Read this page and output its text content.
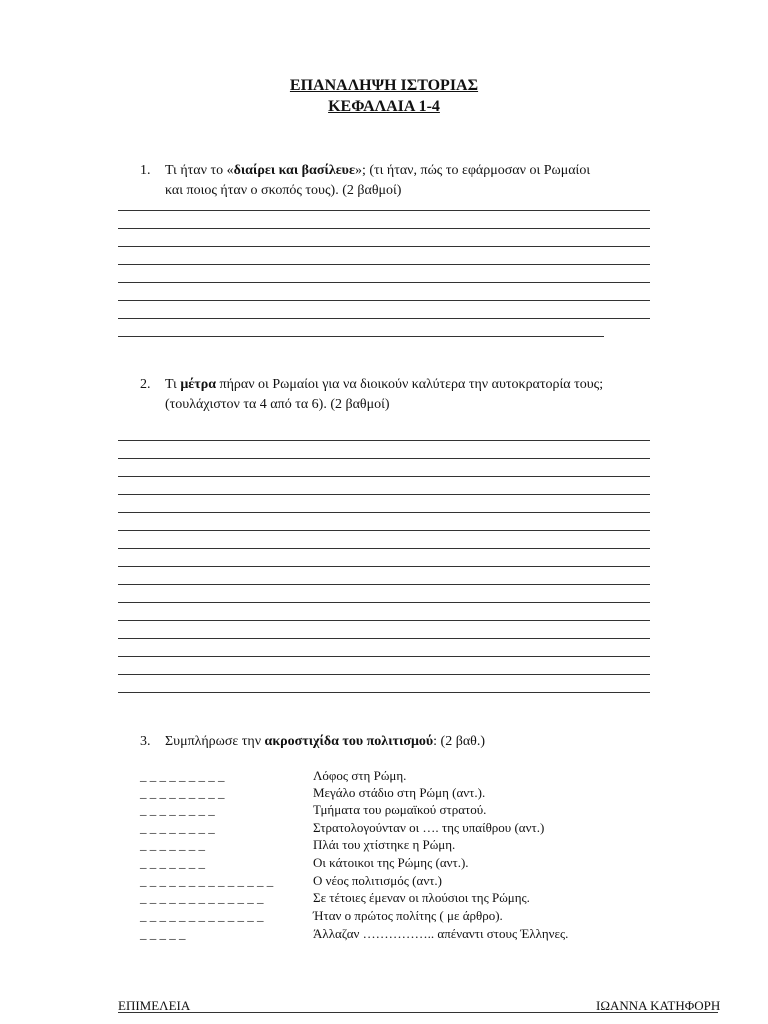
ΕΠΑΝΑΛΗΨΗ ΙΣΤΟΡΙΑΣ
ΚΕΦΑΛΑΙΑ 1-4
1. Τι ήταν το «διαίρει και βασίλευε»; (τι ήταν, πώς το εφάρμοσαν οι Ρωμαίοι
και ποιος ήταν ο σκοπός τους). (2 βαθμοί)
2. Τι μέτρα πήραν οι Ρωμαίοι για να διοικούν καλύτερα την αυτοκρατορία τους;
(τουλάχιστον τα 4 από τα 6). (2 βαθμοί)
3. Συμπλήρωσε την ακροστιχίδα του πολιτισμού: (2 βαθ.)
_ _ _ _ _ _ _ _ _	Λόφος στη Ρώμη.
_ _ _ _ _ _ _ _ _	Μεγάλο στάδιο στη Ρώμη (αντ.).
_ _ _ _ _ _ _ _	Τμήματα του ρωμαϊκού στρατού.
_ _ _ _ _ _ _ _	Στρατολογούνταν οι …. της υπαίθρου (αντ.)
_ _ _ _ _ _ _	Πλάι του χτίστηκε η Ρώμη.
_ _ _ _ _ _ _	Οι κάτοικοι της Ρώμης (αντ.).
_ _ _ _ _ _ _ _ _ _ _ _ _ _	Ο νέος πολιτισμός (αντ.)
_ _ _ _ _ _ _ _ _ _ _ _ _	Σε τέτοιες έμεναν οι πλούσιοι της Ρώμης.
_ _ _ _ _ _ _ _ _ _ _ _ _	Ήταν ο πρώτος πολίτης ( με άρθρο).
_ _ _ _ _	Άλλαζαν …………….. απέναντι στους Έλληνες.
ΕΠΙΜΕΛΕΙΑ	ΙΩΑΝΝΑ ΚΑΤΗΦΟΡΗ
